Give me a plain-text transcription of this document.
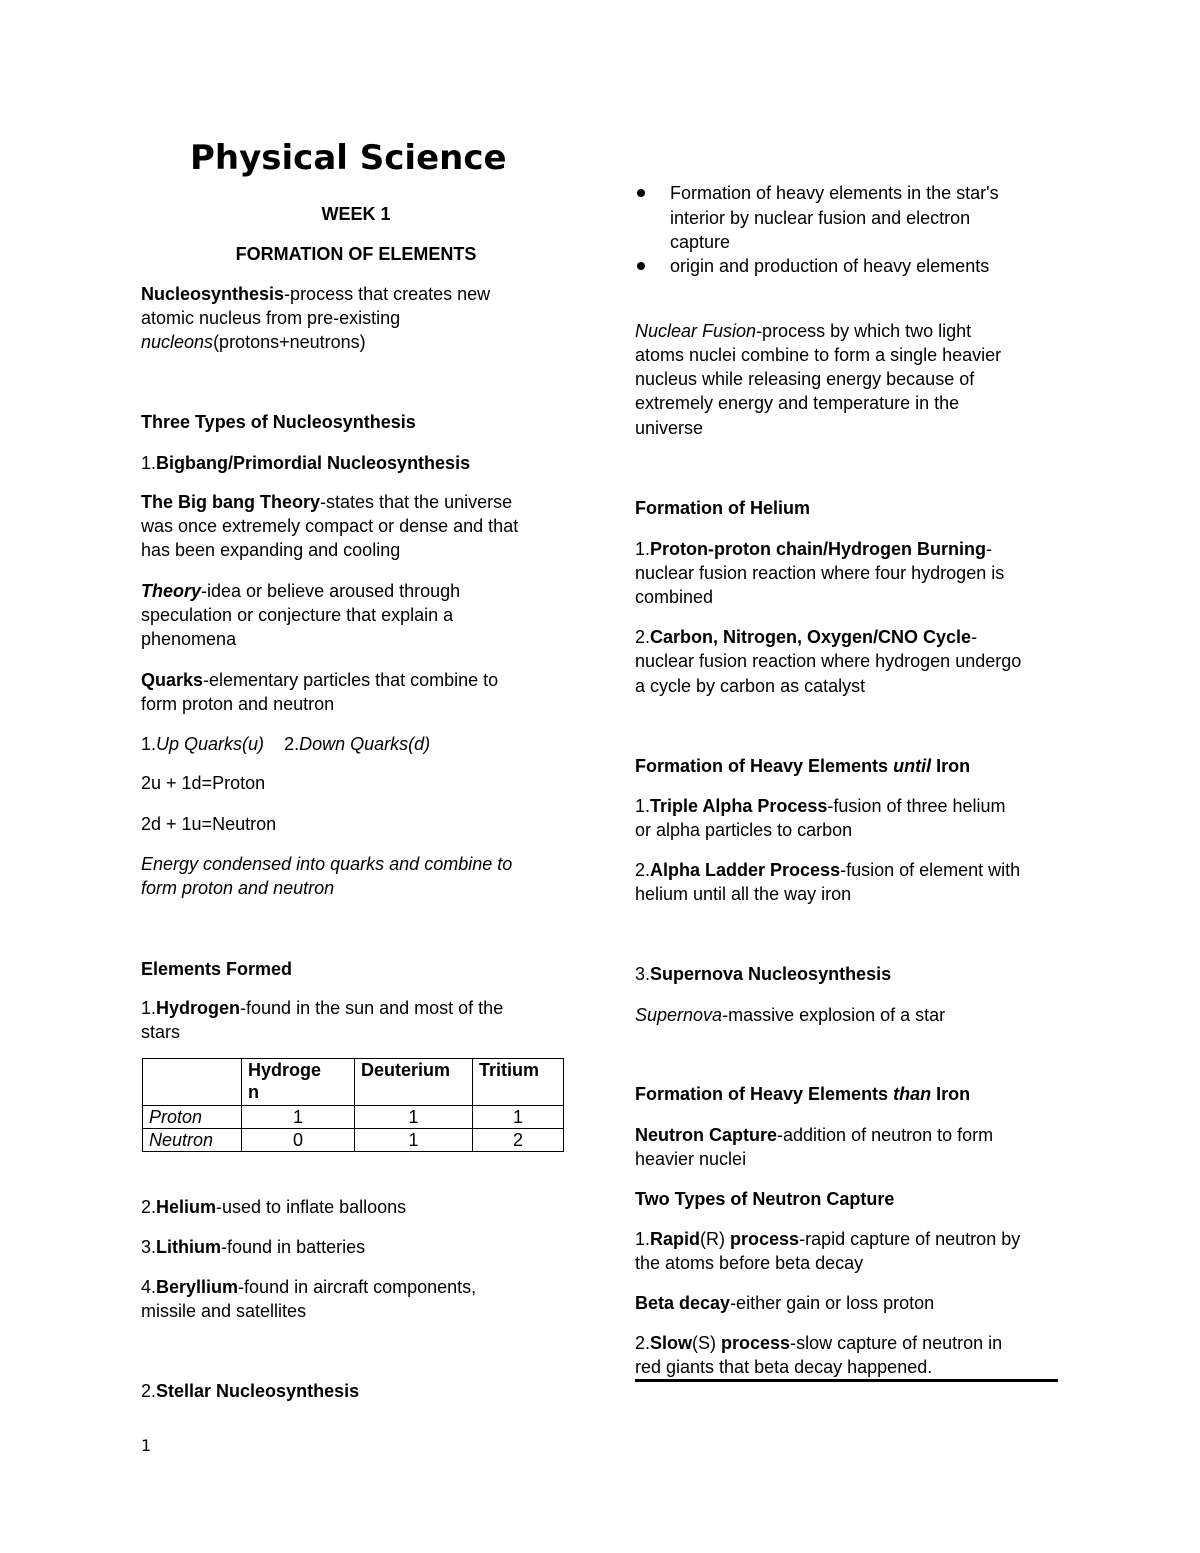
Physical Science
WEEK 1
FORMATION OF ELEMENTS
Nucleosynthesis-process that creates new
atomic nucleus from pre-existing
nucleons(protons+neutrons)
Three Types of Nucleosynthesis
1.Bigbang/Primordial Nucleosynthesis
The Big bang Theory-states that the universe
was once extremely compact or dense and that
has been expanding and cooling
Theory-idea or believe aroused through
speculation or conjecture that explain a
phenomena
Quarks-elementary particles that combine to
form proton and neutron
1.Up Quarks(u) 2.Down Quarks(d)
2u + 1d=Proton
2d + 1u=Neutron
Energy condensed into quarks and combine to
form proton and neutron
Elements Formed
1.Hydrogen-found in the sun and most of the
stars
2.Helium-used to inflate balloons
3.Lithium-found in batteries
4.Beryllium-found in aircraft components,
missile and satellites
2.Stellar Nucleosynthesis

	Hydroge
n	Deuterium	Tritium
Proton	1	1	1
Neutron	0	1	2
Formation of heavy elements in the star's
interior by nuclear fusion and electron
capture
origin and production of heavy elements
Nuclear Fusion-process by which two light
atoms nuclei combine to form a single heavier
nucleus while releasing energy because of
extremely energy and temperature in the
universe
Formation of Helium
1.Proton-proton chain/Hydrogen Burning-
nuclear fusion reaction where four hydrogen is
combined
2.Carbon, Nitrogen, Oxygen/CNO Cycle-
nuclear fusion reaction where hydrogen undergo
a cycle by carbon as catalyst
Formation of Heavy Elements until Iron
1.Triple Alpha Process-fusion of three helium
or alpha particles to carbon
2.Alpha Ladder Process-fusion of element with
helium until all the way iron
3.Supernova Nucleosynthesis
Supernova-massive explosion of a star
Formation of Heavy Elements than Iron
Neutron Capture-addition of neutron to form
heavier nuclei
Two Types of Neutron Capture
1.Rapid(R) process-rapid capture of neutron by
the atoms before beta decay
Beta decay-either gain or loss proton
2.Slow(S) process-slow capture of neutron in
red giants that beta decay happened.
1
